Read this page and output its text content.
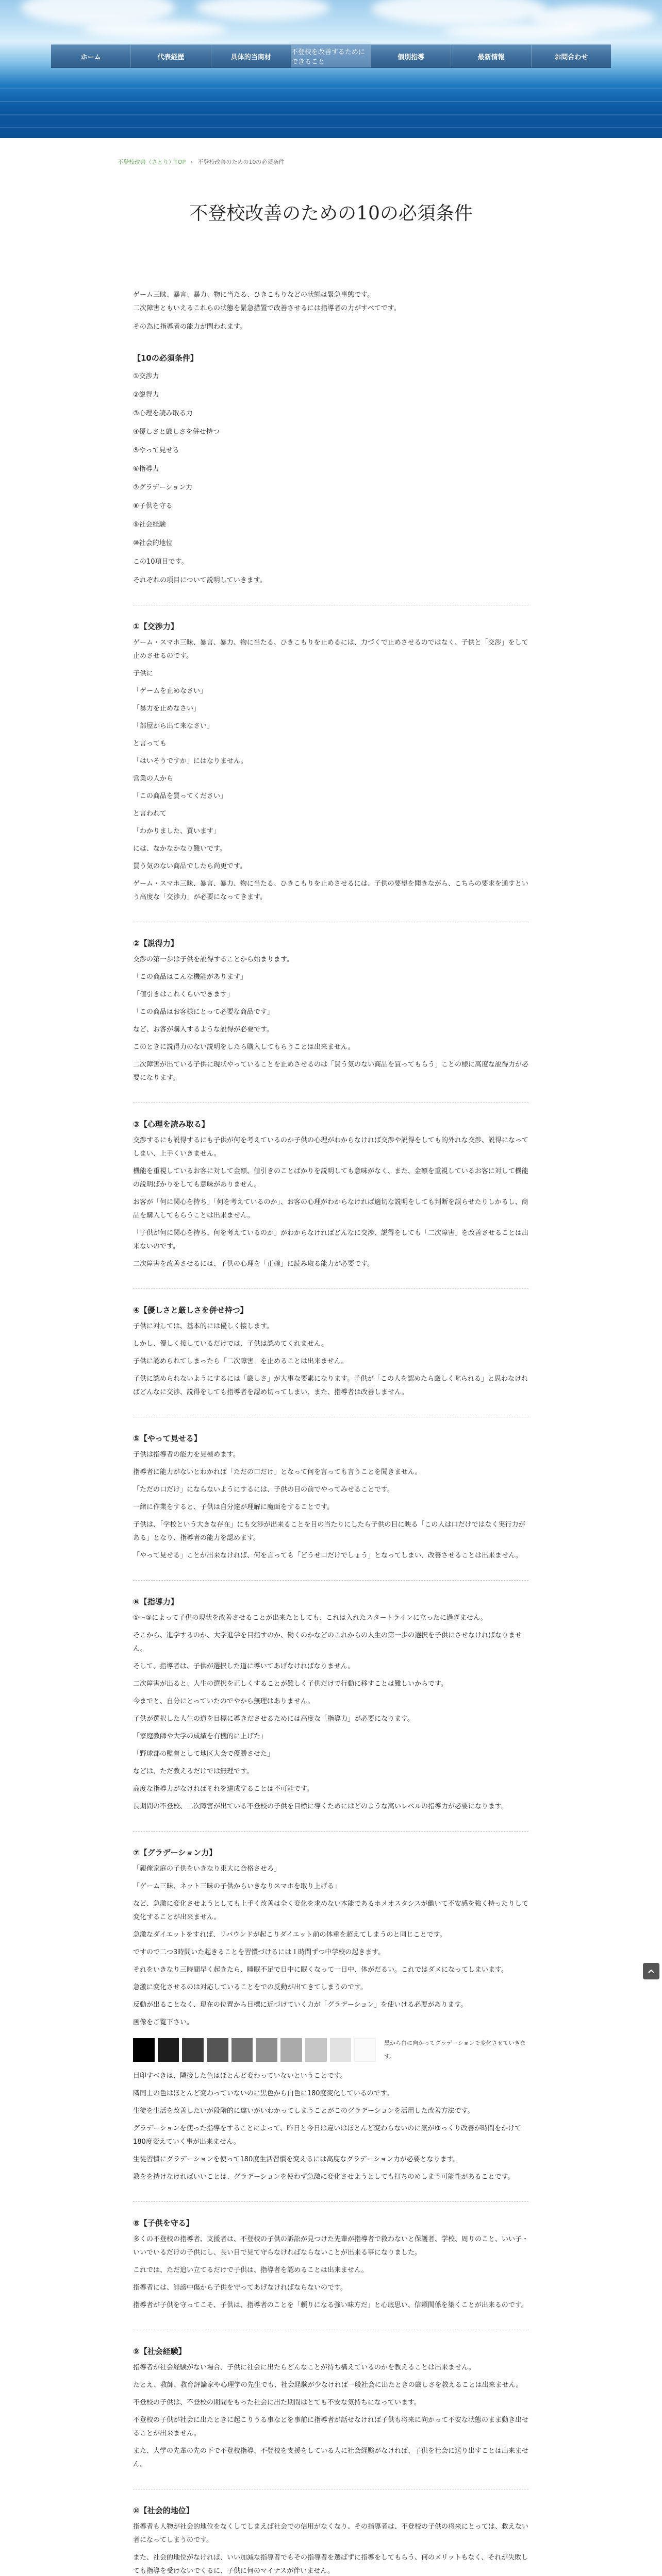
ホーム	代表経歴	具体的当商材
不登校を改善するためにできること
個別指導	最新情報	お問合わせ
不登校改善（さとり）TOP › 不登校改善のための10の必須条件
不登校改善のための10の必須条件

ゲーム三昧、暴言、暴力、物に当たる、ひきこもりなどの状態は緊急事態です。

二次障害ともいえるこれらの状態を緊急措置で改善させるには指導者の力がすべてです。

その為に指導者の能力が問われます。

【10の必須条件】

①交渉力

②説得力

③心理を読み取る力

④優しさと厳しさを併せ持つ

⑤やって見せる

⑥指導力

⑦グラデーション力

⑧子供を守る

⑨社会経験

⑩社会的地位

この10項目です。

それぞれの項目について説明していきます。

①【交渉力】

ゲーム・スマホ三昧、暴言、暴力、物に当たる、ひきこもりを止めるには、力づくで止めさせるのではなく、子供と「交渉」をして止めさせるのです。

子供に

「ゲームを止めなさい」

「暴力を止めなさい」

「部屋から出て来なさい」

と言っても

「はいそうですか」にはなりません。

営業の人から

「この商品を買ってください」

と言われて

「わかりました、買います」

には、なかなかなり難いです。

買う気のない商品でしたら尚更です。

ゲーム・スマホ三昧、暴言、暴力、物に当たる、ひきこもりを止めさせるには、子供の要望を聞きながら、こちらの要求を通すという高度な「交渉力」が必要になってきます。

②【説得力】

交渉の第一歩は子供を説得することから始まります。

「この商品はこんな機能があります」

「値引きはこれくらいできます」

「この商品はお客様にとって必要な商品です」

など、お客が購入するような説得が必要です。

このときに説得力のない説明をしたら購入してもらうことは出来ません。

二次障害が出ている子供に現状やっていることを止めさせるのは「買う気のない商品を買ってもらう」ことの様に高度な説得力が必要になります。

③【心理を読み取る】

交渉するにも説得するにも子供が何を考えているのか子供の心理がわからなければ交渉や説得をしても的外れな交渉、説得になってしまい、上手くいきません。

機能を重視しているお客に対して金額、値引きのことばかりを説明しても意味がなく、また、金額を重視しているお客に対して機能の説明ばかりをしても意味がありません。

お客が「何に関心を持ち」「何を考えているのか」、お客の心理がわからなければ適切な説明をしても判断を誤らせたりしかるし、商品を購入してもらうことは出来ません。

「子供が何に関心を持ち、何を考えているのか」がわからなければどんなに交渉、説得をしても「二次障害」を改善させることは出来ないのです。

二次障害を改善させるには、子供の心理を「正確」に読み取る能力が必要です。

④【優しさと厳しさを併せ持つ】

子供に対しては、基本的には優しく接します。

しかし、優しく接しているだけでは、子供は認めてくれません。

子供に認められてしまったら「二次障害」を止めることは出来ません。

子供に認められないようにするには「厳しさ」が大事な要素になります。子供が「この人を認めたら厳しく叱られる」と思わなければどんなに交渉、説得をしても指導者を認め切ってしまい、また、指導者は改善しません。

⑤【やって見せる】

子供は指導者の能力を見極めます。

指導者に能力がないとわかれば「ただの口だけ」となって何を言っても言うことを聞きません。

「ただの口だけ」にならないようにするには、子供の目の前でやってみせることです。

一緒に作業をすると、子供は自分達が理解に魔面をすることです。

子供は、「学校という大きな存在」にも交渉が出来ることを目の当たりにしたら子供の目に映る「この人は口だけではなく実行力がある」となり、指導者の能力を認めます。

「やって見せる」ことが出来なければ、何を言っても「どうせ口だけでしょう」となってしまい、改善させることは出来ません。

⑥【指導力】

①～⑤によって子供の現状を改善させることが出来たとしても、これは入れたスタートラインに立ったに過ぎません。

そこから、進学するのか、大学進学を目指すのか、働くのかなどのこれからの人生の第一歩の選択を子供にさせなければなりません。

そして、指導者は、子供が選択した道に導いてあげなければなりません。

二次障害が出ると、人生の選択を正しくすることが難しく子供だけで行動に移すことは難しいからです。

今までと、自分にとっていたのでやから無理はありません。

子供が選択した人生の道を目標に導きださせるためには高度な「指導力」が必要になります。

「家庭教師や大学の成績を有機的に上げた」

「野球部の監督として地区大会で優勝させた」

などは、ただ教えるだけでは無理です。

高度な指導力がなければそれを達成することは不可能です。

長期間の不登校、二次障害が出ている不登校の子供を目標に導くためにはどのような高いレベルの指導力が必要になります。

⑦【グラデーション力】

「親俺家庭の子供をいきなり東大に合格させろ」

「ゲーム三昧、ネット三昧の子供からいきなりスマホを取り上げる」

など、急激に変化させようとしても上手く改善は全く変化を求めない本能であるホメオスタシスが働いて不安感を強く持ったりして変化することが出来ません。

急激なダイエットをすれば、リバウンドが起こりダイエット前の体重を超えてしまうのと同じことです。

ですので二つ3時間いた起きることを習慣づけるには１時間ずつ中学校の起きます。

それをいきなり三時間早く起きたら、睡眠不足で日中に眠くなって一日中、体がだるい。これではダメになってしまいます。

急激に変化させるのは対応していることをでの反動が出てきてしまうのです。

反動が出ることなく、現在の位置から目標に近づけていく力が「グラデーション」を使いける必要があります。

画像をご覧下さい。

黒から白に向かってグラデーションで変化させていきます。

目印すべきは、隣接した色はほとんど変わっていないということです。

隣同士の色はほとんど変わっていないのに黒色から白色に180度変化しているのです。

生徒を生活を改善したいが段階的に違いがいわかってしまうことがこのグラデーションを活用した改善方法です。

グラデーションを使った指導をすることによって、昨日と今日は違いはほとんど変わらないのに気がゆっくり改善が時間をかけて180度変えていく事が出来ません。

生徒習慣にグラデーションを使って180度生活習慣を変えるには高度なグラデーション力が必要となります。

教をを持けなければいいことは、グラデーションを使わず急激に変化させようとしても打ちのめしまう可能性があることです。

⑧【子供を守る】

多くの不登校の指導者、支援者は、不登校の子供の訴訟が見つけた先輩が指導者で救わないと保護者、学校、周りのこと、いい子・いいでいるだけの子供にし、長い目で見て守らなければならないことが出来る事になりました。

これでは、ただ追い立てるだけで子供は、指導者を認めることは出来ません。

指導者には、誹謗中傷から子供を守ってあげなければならないのです。

指導者が子供を守ってこそ、子供は、指導者のことを「頼りになる強い味方だ」と心底思い、信頼関係を築くことが出来るのです。

⑨【社会経験】

指導者が社会経験がない場合、子供に社会に出たらどんなことが待ち構えているのかを教えることは出来ません。

たとえ、教師、教育評論家や心理学の先生でも、社会経験が少なければ一般社会に出たときの厳しさを教えることは出来ません。

不登校の子供は、不登校の期間をもった社会に出た期間はとても不安な気持ちになっています。

不登校の子供が社会に出たときに起こりうる事などを事前に指導者が話せなければ子供も将来に向かって不安な状態のまま動き出せることが出来ません。

また、大学の先輩の先の下で不登校指導、不登校を支援をしている人に社会経験がなければ、子供を社会に送り出すことは出来ません。

⑩【社会的地位】

指導者も人物が社会的地位をなくしてしまえば社会での信用がなくなり、その指導者は、不登校の子供の将来にとっては、救えない者になってしまうのです。

また、社会的地位がなければ、いい加減な指導者でもその指導者を選ばずに指導をしてもらう、何のメリットもなく、それが失敗しても指導を受けないでくるに、子供に何のマイナスが伴いません。
